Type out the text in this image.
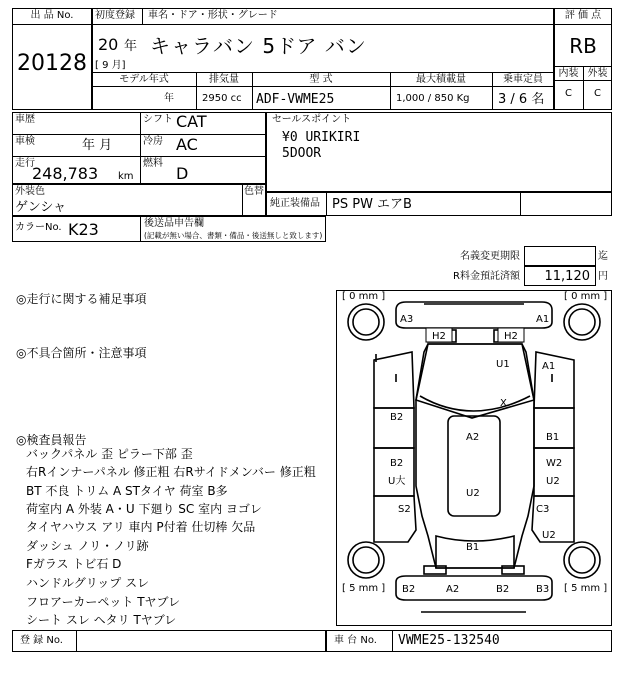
出 品 No.
20128
初度登録 車名・ドア・形状・グレード
20 年
[ 9 月]
キャラバン 5ドア バン
モデル年式	排気量	型 式	最大積載量	乗車定員
年	2950 cc ADF-VWME25	1,000 / 850 Kg 3 / 6 名
評 価 点
RB
内装 外装
C	C
車歴
車検	年 月
走行
248,783 km
シフト CAT
冷房 AC
燃料
D
セールスポイント
¥0 URIKIRI
5DOOR
外装色
ゲンシャ
色替
純正装備品 PS PW エアB
カラーNo. K23	後送品申告欄
(記載が無い場合、書類・備品・後送無しと致します)
名義変更期限	迄
R料金預託済額	11,120 円
◎走行に関する補足事項
◎不具合箇所・注意事項
◎検査員報告
バックパネル 歪 ピラー下部 歪
右Rインナーパネル 修正粗 右Rサイドメンバー 修正粗
BT 不良 トリム A STタイヤ 荷室 B多
荷室内 A 外装 A・U 下廻り SC 室内 ヨゴレ
タイヤハウス アリ 車内 P付着 仕切棒 欠品
ダッシュ ノリ・ノリ跡
Fガラス トビ石 D
ハンドルグリップ スレ
フロアーカーペット Tヤブレ
シート スレ ヘタリ Tヤブレ
[ 0 mm ]	[ 0 mm ]
[ 5 mm ]	[ 5 mm ]
A3	A1
H2	H2
U1	A1
X
B2
A2	B1
B2
U大
U2
W2
U2
S2	C3
U2
B1
B2	A2	B2	B3
登 録 No.	車 台 No. VWME25-132540
